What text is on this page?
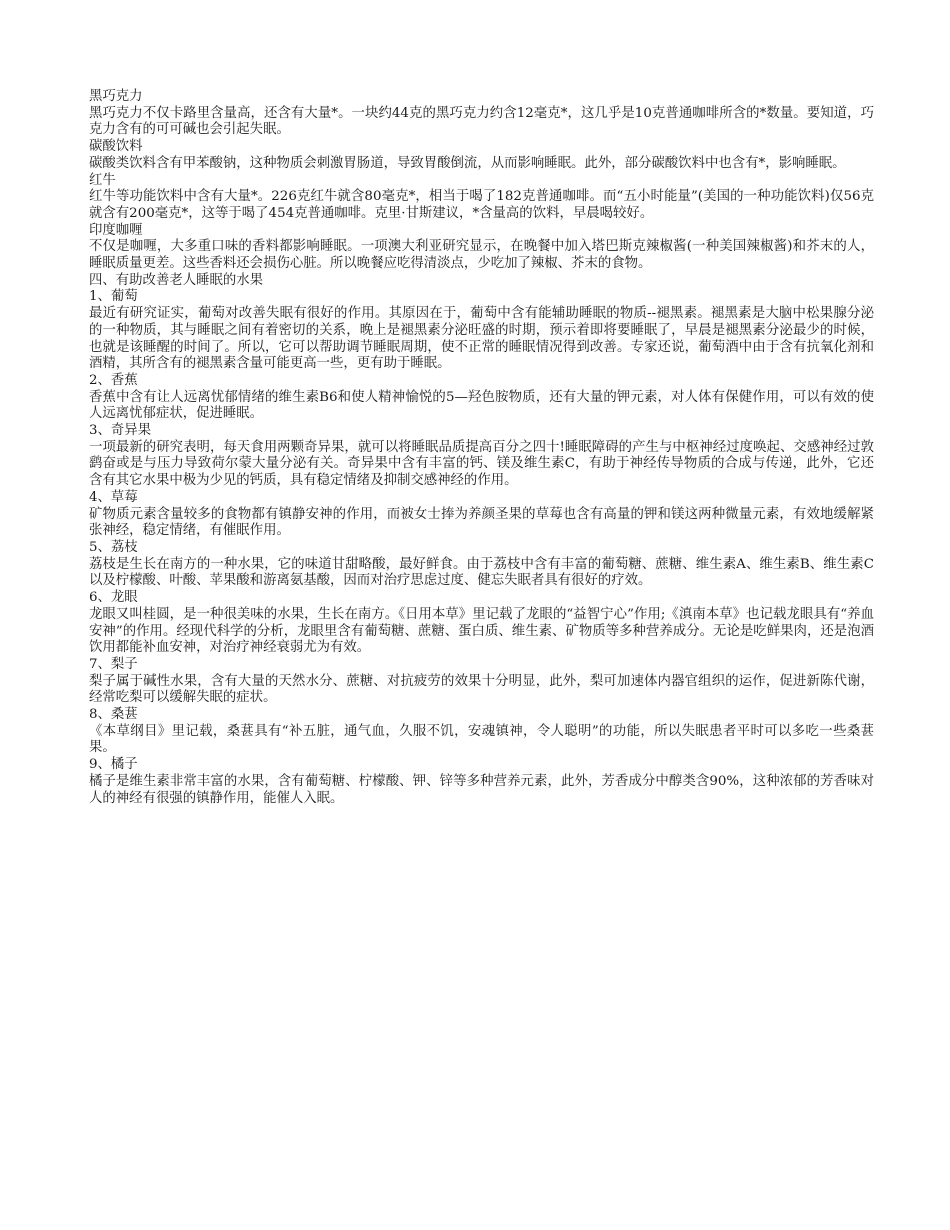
黑巧克力

黑巧克力不仅卡路里含量高，还含有大量*。一块约44克的黑巧克力约含12毫克*，这几乎是10克普通咖啡所含的*数量。要知道，巧克力含有的可可碱也会引起失眠。

碳酸饮料

碳酸类饮料含有甲苯酸钠，这种物质会刺激胃肠道，导致胃酸倒流，从而影响睡眠。此外，部分碳酸饮料中也含有*，影响睡眠。

红牛

红牛等功能饮料中含有大量*。226克红牛就含80毫克*，相当于喝了182克普通咖啡。而“五小时能量”(美国的一种功能饮料)仅56克就含有200毫克*，这等于喝了454克普通咖啡。克里·甘斯建议，*含量高的饮料，早晨喝较好。

印度咖喱

不仅是咖喱，大多重口味的香料都影响睡眠。一项澳大利亚研究显示，在晚餐中加入塔巴斯克辣椒酱(一种美国辣椒酱)和芥末的人，睡眠质量更差。这些香料还会损伤心脏。所以晚餐应吃得清淡点，少吃加了辣椒、芥末的食物。

四、有助改善老人睡眠的水果

1、葡萄

最近有研究证实，葡萄对改善失眠有很好的作用。其原因在于，葡萄中含有能辅助睡眠的物质--褪黑素。褪黑素是大脑中松果腺分泌的一种物质，其与睡眠之间有着密切的关系，晚上是褪黑素分泌旺盛的时期，预示着即将要睡眠了，早晨是褪黑素分泌最少的时候，也就是该睡醒的时间了。所以，它可以帮助调节睡眠周期，使不正常的睡眠情况得到改善。专家还说，葡萄酒中由于含有抗氧化剂和酒精，其所含有的褪黑素含量可能更高一些，更有助于睡眠。

2、香蕉

香蕉中含有让人远离忧郁情绪的维生素B6和使人精神愉悦的5—羟色胺物质，还有大量的钾元素，对人体有保健作用，可以有效的使人远离忧郁症状，促进睡眠。

3、奇异果

一项最新的研究表明，每天食用两颗奇异果，就可以将睡眠品质提高百分之四十!睡眠障碍的产生与中枢神经过度唤起、交感神经过敦鹞奋或是与压力导致荷尔蒙大量分泌有关。奇异果中含有丰富的钙、镁及维生素C，有助于神经传导物质的合成与传递，此外，它还含有其它水果中极为少见的钙质，具有稳定情绪及抑制交感神经的作用。

4、草莓

矿物质元素含量较多的食物都有镇静安神的作用，而被女士捧为养颜圣果的草莓也含有高量的钾和镁这两种微量元素，有效地缓解紧张神经，稳定情绪，有催眠作用。

5、荔枝

荔枝是生长在南方的一种水果，它的味道甘甜略酸，最好鲜食。由于荔枝中含有丰富的葡萄糖、蔗糖、维生素A、维生素B、维生素C以及柠檬酸、叶酸、苹果酸和游离氨基酸，因而对治疗思虑过度、健忘失眠者具有很好的疗效。

6、龙眼

龙眼又叫桂圆，是一种很美味的水果，生长在南方。《日用本草》里记载了龙眼的“益智宁心”作用;《滇南本草》也记载龙眼具有“养血安神”的作用。经现代科学的分析，龙眼里含有葡萄糖、蔗糖、蛋白质、维生素、矿物质等多种营养成分。无论是吃鲜果肉，还是泡酒饮用都能补血安神，对治疗神经衰弱尤为有效。

7、梨子

梨子属于碱性水果，含有大量的天然水分、蔗糖、对抗疲劳的效果十分明显，此外，梨可加速体内器官组织的运作，促进新陈代谢，经常吃梨可以缓解失眠的症状。

8、桑葚

《本草纲目》里记载，桑葚具有“补五脏，通气血，久服不饥，安魂镇神，令人聪明”的功能，所以失眠患者平时可以多吃一些桑葚果。

9、橘子

橘子是维生素非常丰富的水果，含有葡萄糖、柠檬酸、钾、锌等多种营养元素，此外，芳香成分中醇类含90%，这种浓郁的芳香味对人的神经有很强的镇静作用，能催人入眠。
